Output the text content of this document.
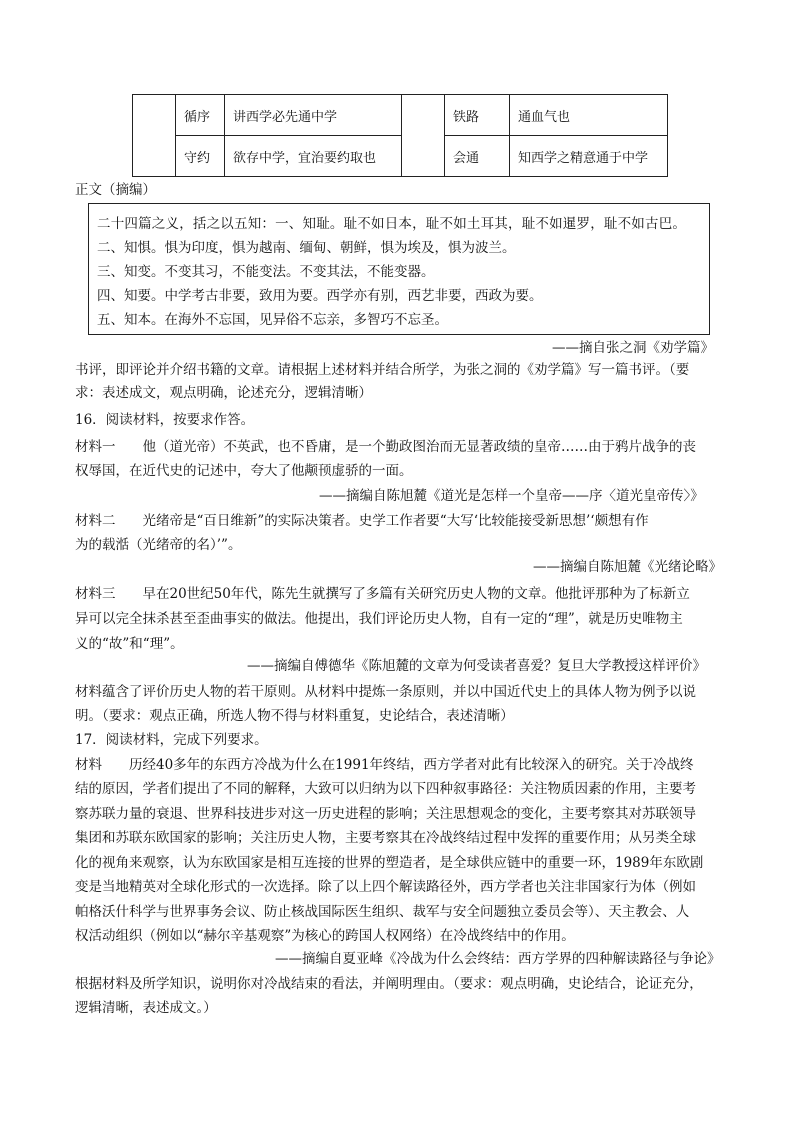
	循序	讲西学必先通中学		铁路	通血气也
	守约	欲存中学，宜治要约取也		会通	知西学之精意通于中学
正文（摘编）
二十四篇之义，括之以五知：一、知耻。耻不如日本，耻不如土耳其，耻不如暹罗，耻不如古巴。
二、知惧。惧为印度，惧为越南、缅甸、朝鲜，惧为埃及，惧为波兰。
三、知变。不变其习，不能变法。不变其法，不能变器。
四、知要。中学考古非要，致用为要。西学亦有别，西艺非要，西政为要。
五、知本。在海外不忘国，见异俗不忘亲，多智巧不忘圣。
——摘自张之洞《劝学篇》
书评，即评论并介绍书籍的文章。请根据上述材料并结合所学，为张之洞的《劝学篇》写一篇书评。（要
求：表述成文，观点明确，论述充分，逻辑清晰）
16．阅读材料，按要求作答。
材料一　　他（道光帝）不英武，也不昏庸，是一个勤政图治而无显著政绩的皇帝……由于鸦片战争的丧
权辱国，在近代史的记述中，夸大了他颟顸虚骄的一面。
——摘编自陈旭麓《道光是怎样一个皇帝——序〈道光皇帝传〉》
材料二　　光绪帝是“百日维新”的实际决策者。史学工作者要“大写‘比较能接受新思想’‘颇想有作
为的载湉（光绪帝的名）’”。
——摘编自陈旭麓《光绪论略》
材料三　　早在20世纪50年代，陈先生就撰写了多篇有关研究历史人物的文章。他批评那种为了标新立
异可以完全抹杀甚至歪曲事实的做法。他提出，我们评论历史人物，自有一定的“理”，就是历史唯物主
义的“故”和“理”。
——摘编自傅德华《陈旭麓的文章为何受读者喜爱？复旦大学教授这样评价》
材料蕴含了评价历史人物的若干原则。从材料中提炼一条原则，并以中国近代史上的具体人物为例予以说
明。（要求：观点正确，所选人物不得与材料重复，史论结合，表述清晰）
17．阅读材料，完成下列要求。
材料　　历经40多年的东西方冷战为什么在1991年终结，西方学者对此有比较深入的研究。关于冷战终
结的原因，学者们提出了不同的解释，大致可以归纳为以下四种叙事路径：关注物质因素的作用，主要考
察苏联力量的衰退、世界科技进步对这一历史进程的影响；关注思想观念的变化，主要考察其对苏联领导
集团和苏联东欧国家的影响；关注历史人物，主要考察其在冷战终结过程中发挥的重要作用；从另类全球
化的视角来观察，认为东欧国家是相互连接的世界的塑造者，是全球供应链中的重要一环，1989年东欧剧
变是当地精英对全球化形式的一次选择。除了以上四个解读路径外，西方学者也关注非国家行为体（例如
帕格沃什科学与世界事务会议、防止核战国际医生组织、裁军与安全问题独立委员会等）、天主教会、人
权活动组织（例如以“赫尔辛基观察”为核心的跨国人权网络）在冷战终结中的作用。
——摘编自夏亚峰《冷战为什么会终结：西方学界的四种解读路径与争论》
根据材料及所学知识，说明你对冷战结束的看法，并阐明理由。（要求：观点明确，史论结合，论证充分，
逻辑清晰，表述成文。）
